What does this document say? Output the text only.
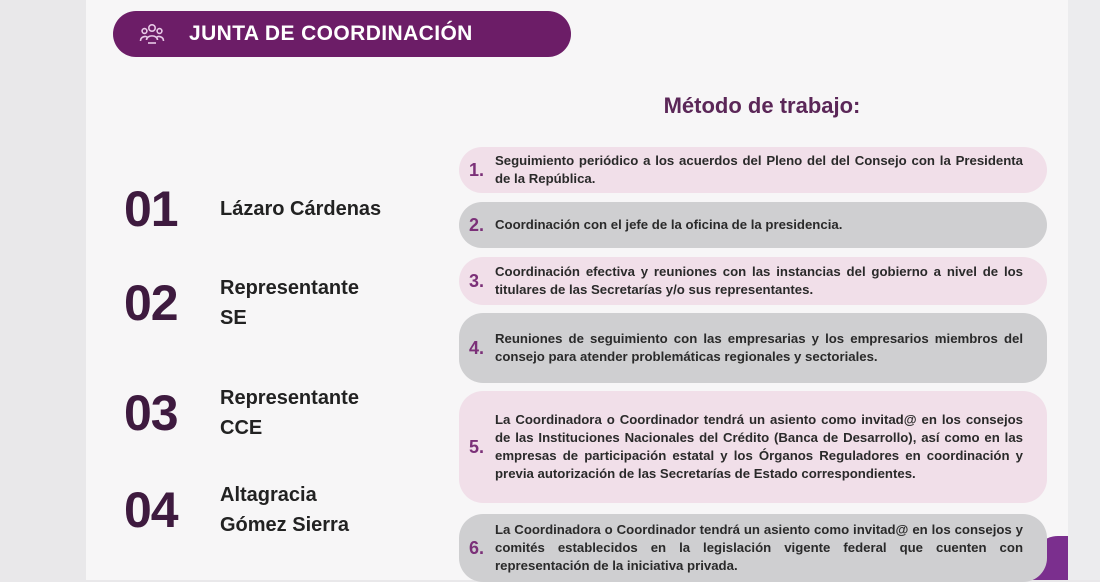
JUNTA DE COORDINACIÓN
Método de trabajo:
01	Lázaro Cárdenas
02	Representante
SE
03	Representante
CCE
04	Altagracia
Gómez Sierra
1. Seguimiento periódico a los acuerdos del Pleno del del Consejo con la Presidenta de la República.
2. Coordinación con el jefe de la oficina de la presidencia.
3. Coordinación efectiva y reuniones con las instancias del gobierno a nivel de los titulares de las Secretarías y/o sus representantes.
4. Reuniones de seguimiento con las empresarias y los empresarios miembros del consejo para atender problemáticas regionales y sectoriales.
5.
La Coordinadora o Coordinador tendrá un asiento como invitad@ en los consejos de las Instituciones Nacionales del Crédito (Banca de Desarrollo), así como en las empresas de participación estatal y los Órganos Reguladores en coordinación y previa autorización de las Secretarías de Estado correspondientes.
6.
La Coordinadora o Coordinador tendrá un asiento como invitad@ en los consejos y comités establecidos en la legislación vigente federal que cuenten con representación de la iniciativa privada.
